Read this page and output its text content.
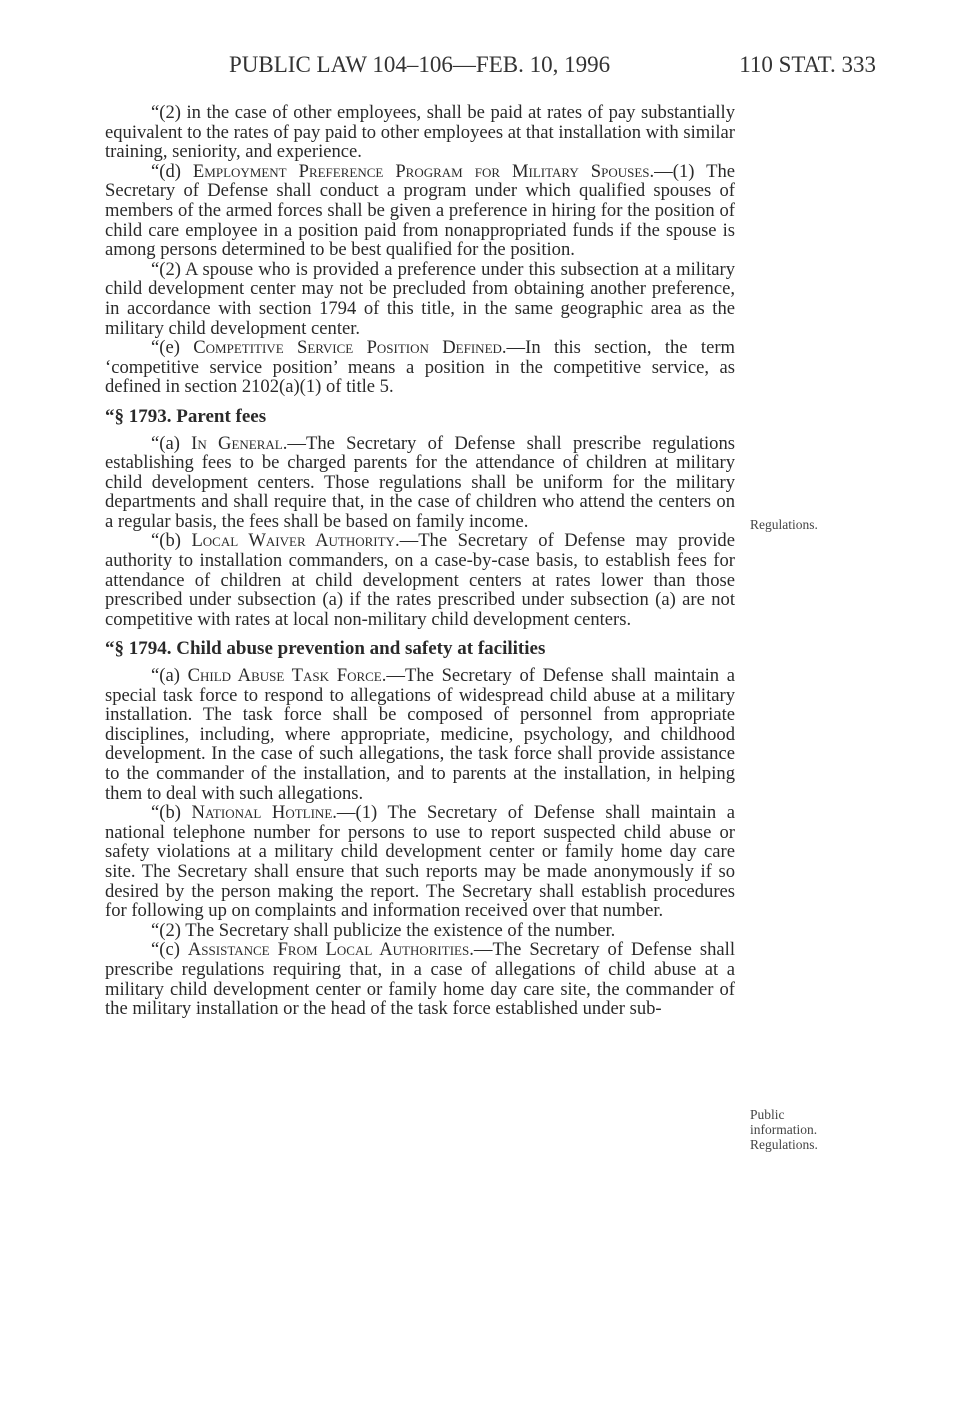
PUBLIC LAW 104–106—FEB. 10, 1996	110 STAT. 333

“(2) in the case of other employees, shall be paid at rates of pay substantially equivalent to the rates of pay paid to other employees at that installation with similar training, seniority, and experience.

“(d) Employment Preference Program for Military Spouses.—(1) The Secretary of Defense shall conduct a program under which qualified spouses of members of the armed forces shall be given a preference in hiring for the position of child care employee in a position paid from nonappropriated funds if the spouse is among persons determined to be best qualified for the position.

“(2) A spouse who is provided a preference under this subsection at a military child development center may not be precluded from obtaining another preference, in accordance with section 1794 of this title, in the same geographic area as the military child development center.

“(e) Competitive Service Position Defined.—In this section, the term ‘competitive service position’ means a position in the competitive service, as defined in section 2102(a)(1) of title 5.

“§ 1793. Parent fees

“(a) In General.—The Secretary of Defense shall prescribe regulations establishing fees to be charged parents for the attendance of children at military child development centers. Those regulations shall be uniform for the military departments and shall require that, in the case of children who attend the centers on a regular basis, the fees shall be based on family income.

“(b) Local Waiver Authority.—The Secretary of Defense may provide authority to installation commanders, on a case-by-case basis, to establish fees for attendance of children at child development centers at rates lower than those prescribed under subsection (a) if the rates prescribed under subsection (a) are not competitive with rates at local non-military child development centers.

“§ 1794. Child abuse prevention and safety at facilities

“(a) Child Abuse Task Force.—The Secretary of Defense shall maintain a special task force to respond to allegations of widespread child abuse at a military installation. The task force shall be composed of personnel from appropriate disciplines, including, where appropriate, medicine, psychology, and childhood development. In the case of such allegations, the task force shall provide assistance to the commander of the installation, and to parents at the installation, in helping them to deal with such allegations.

“(b) National Hotline.—(1) The Secretary of Defense shall maintain a national telephone number for persons to use to report suspected child abuse or safety violations at a military child development center or family home day care site. The Secretary shall ensure that such reports may be made anonymously if so desired by the person making the report. The Secretary shall establish procedures for following up on complaints and information received over that number.

“(2) The Secretary shall publicize the existence of the number.

“(c) Assistance From Local Authorities.—The Secretary of Defense shall prescribe regulations requiring that, in a case of allegations of child abuse at a military child development center or family home day care site, the commander of the military installation or the head of the task force established under sub-

Regulations.
Public
information.
Regulations.
